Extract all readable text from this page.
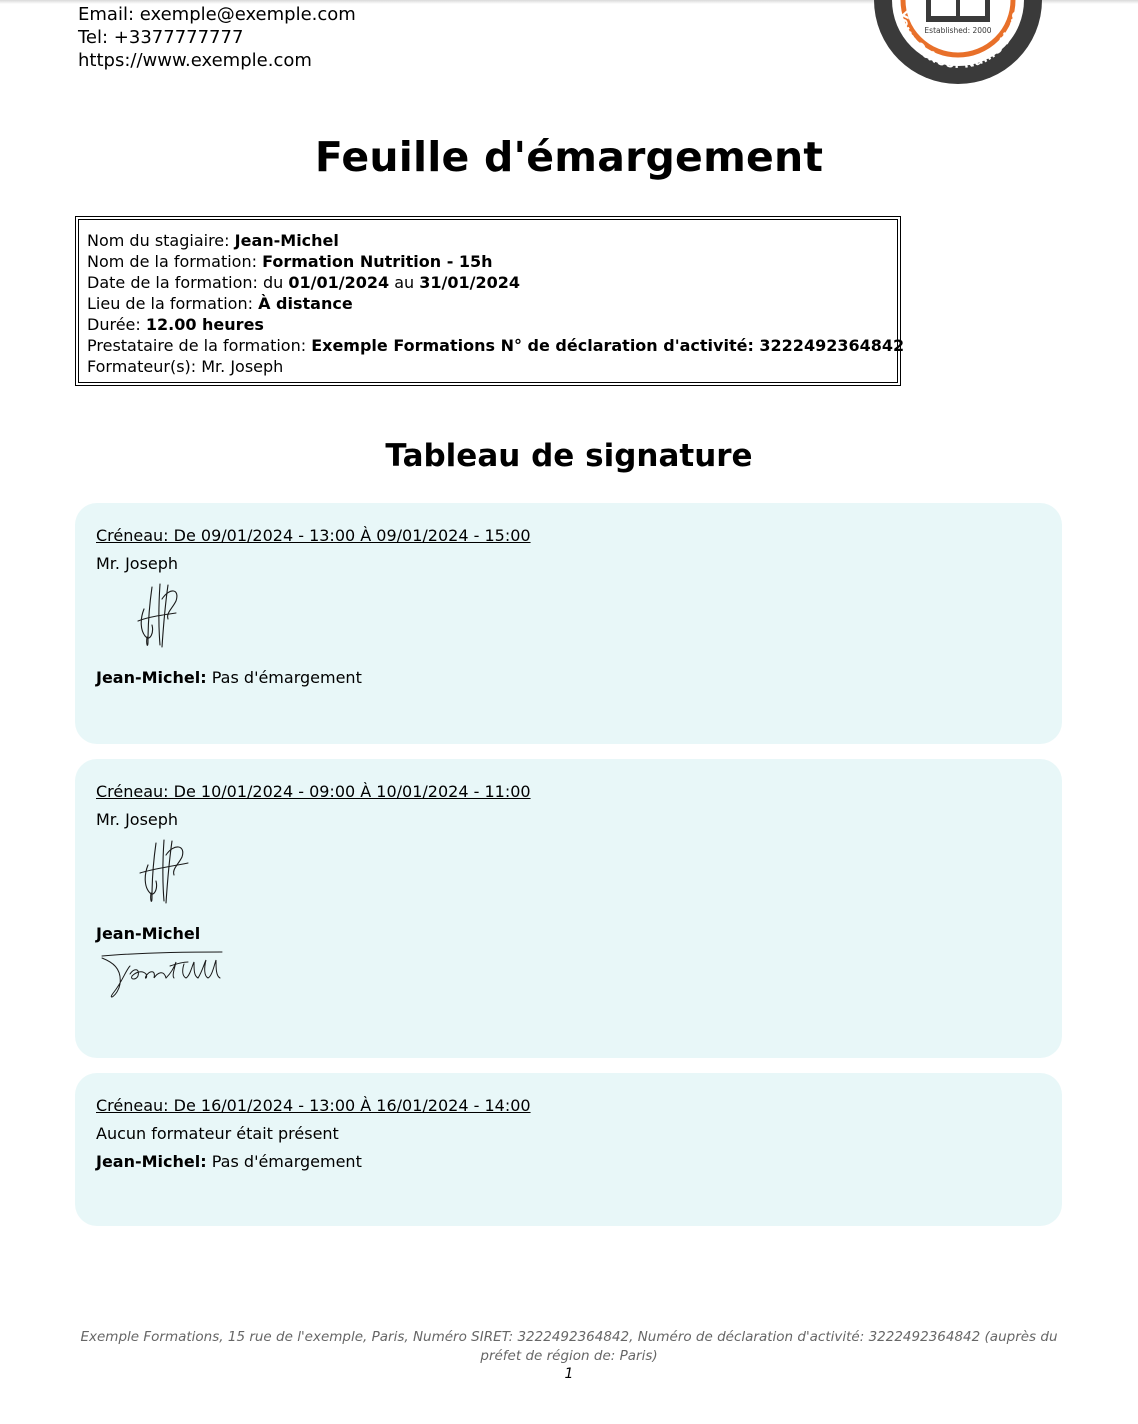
Email: exemple@exemple.com
Tel: +3377777777
https://www.exemple.com
Established: 2000
Your School Name Here
Feuille d'émargement
Nom du stagiaire: Jean-Michel
Nom de la formation: Formation Nutrition - 15h
Date de la formation: du 01/01/2024 au 31/01/2024
Lieu de la formation: À distance
Durée: 12.00 heures
Prestataire de la formation: Exemple Formations N° de déclaration d'activité: 3222492364842
Formateur(s): Mr. Joseph
Tableau de signature
Créneau: De 09/01/2024 - 13:00 À 09/01/2024 - 15:00
Mr. Joseph
Jean-Michel: Pas d'émargement
Créneau: De 10/01/2024 - 09:00 À 10/01/2024 - 11:00
Mr. Joseph
Jean-Michel
Créneau: De 16/01/2024 - 13:00 À 16/01/2024 - 14:00
Aucun formateur était présent
Jean-Michel: Pas d'émargement
Exemple Formations, 15 rue de l'exemple, Paris, Numéro SIRET: 3222492364842, Numéro de déclaration d'activité: 3222492364842 (auprès du préfet de région de: Paris)
1
